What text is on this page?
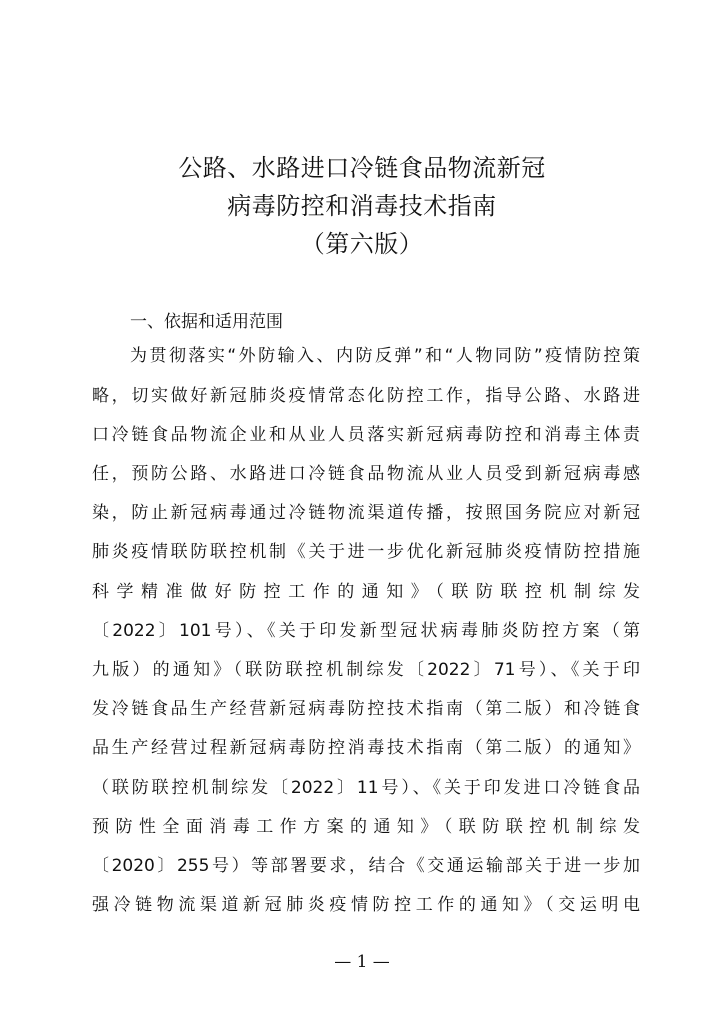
公路、水路进口冷链食品物流新冠
病毒防控和消毒技术指南
（第六版）
一、依据和适用范围
为贯彻落实“外防输入、内防反弹”和“人物同防”疫情防控策
略，切实做好新冠肺炎疫情常态化防控工作，指导公路、水路进
口冷链食品物流企业和从业人员落实新冠病毒防控和消毒主体责
任，预防公路、水路进口冷链食品物流从业人员受到新冠病毒感
染，防止新冠病毒通过冷链物流渠道传播，按照国务院应对新冠
肺炎疫情联防联控机制《关于进一步优化新冠肺炎疫情防控措施
科学精准做好防控工作的通知》（联防联控机制综发
〔2022〕101号）、《关于印发新型冠状病毒肺炎防控方案（第
九版）的通知》（联防联控机制综发〔2022〕71号）、《关于印
发冷链食品生产经营新冠病毒防控技术指南（第二版）和冷链食
品生产经营过程新冠病毒防控消毒技术指南（第二版）的通知》
（联防联控机制综发〔2022〕11号）、《关于印发进口冷链食品
预防性全面消毒工作方案的通知》（联防联控机制综发
〔2020〕255号）等部署要求，结合《交通运输部关于进一步加
强冷链物流渠道新冠肺炎疫情防控工作的通知》（交运明电
— 1 —
